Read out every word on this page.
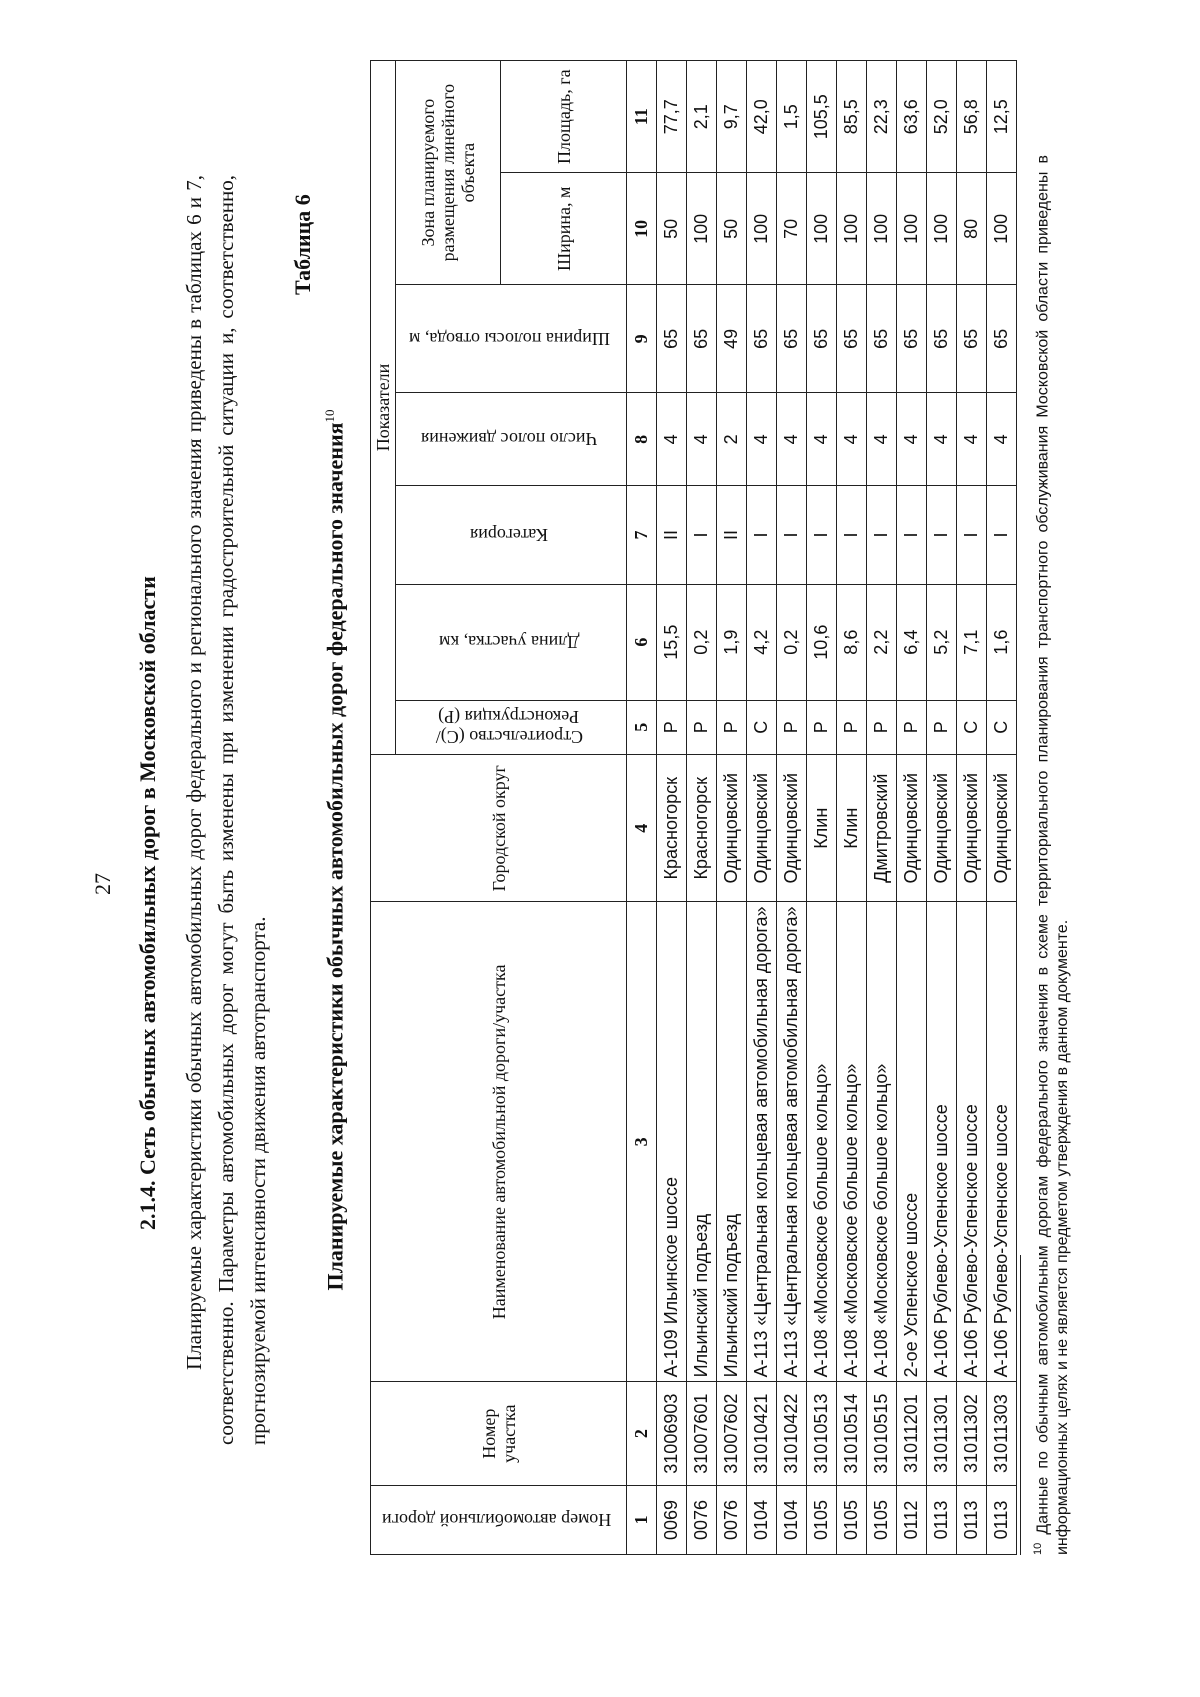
27 2.1.4. Сеть обычных автомобильных дорог в Московской области Планируемые характеристики обычных автомобильных дорог федерального и регионального значения приведены в таблицах 6 и 7, соответственно. Параметры автомобильных дорог могут быть изменены при изменении градостроительной ситуации и, соответственно, прогнозируемой интенсивности движения автотранспорта.

Таблица 6
Планируемые характеристики обычных автомобильных дорог федерального значения$^{10}$
Номер автомобильной дороги	Номер участка	Наименование автомобильной дороги/участка	Городской округ	Показатели						
				Строительство (С)/ Реконструкция (Р)	Длина участка, км	Категория	Число полос движения	Ширина полосы отвода, м	Зона планируемого размещения линейного объекта	
									Ширина, м	Площадь, га
1	2	3	4	5	6	7	8	9	10	11
0069	31006903	А-109 Ильинское шоссе	Красногорск	Р	15,5	II	4	65	50	77,7
0076	31007601	Ильинский подъезд	Красногорск	Р	0,2	I	4	65	100	2,1
0076	31007602	Ильинский подъезд	Одинцовский	Р	1,9	II	2	49	50	9,7
0104	31010421	А-113 «Центральная кольцевая автомобильная дорога»	Одинцовский	С	4,2	I	4	65	100	42,0
0104	31010422	А-113 «Центральная кольцевая автомобильная дорога»	Одинцовский	Р	0,2	I	4	65	70	1,5
0105	31010513	А-108 «Московское большое кольцо»	Клин	Р	10,6	I	4	65	100	105,5
0105	31010514	А-108 «Московское большое кольцо»	Клин	Р	8,6	I	4	65	100	85,5
0105	31010515	А-108 «Московское большое кольцо»	Дмитровский	Р	2,2	I	4	65	100	22,3
0112	31011201	2-ое Успенское шоссе	Одинцовский	Р	6,4	I	4	65	100	63,6
0113	31011301	А-106 Рублево-Успенское шоссе	Одинцовский	Р	5,2	I	4	65	100	52,0
0113	31011302	А-106 Рублево-Успенское шоссе	Одинцовский	С	7,1	I	4	65	80	56,8
0113	31011303	А-106 Рублево-Успенское шоссе	Одинцовский	С	1,6	I	4	65	100	12,5
$^{10}$ Данные по обычным автомобильным дорогам федерального значения в схеме территориального планирования транспортного обслуживания Московской области приведены в информационных целях и не является предметом утверждения в данном документе.
